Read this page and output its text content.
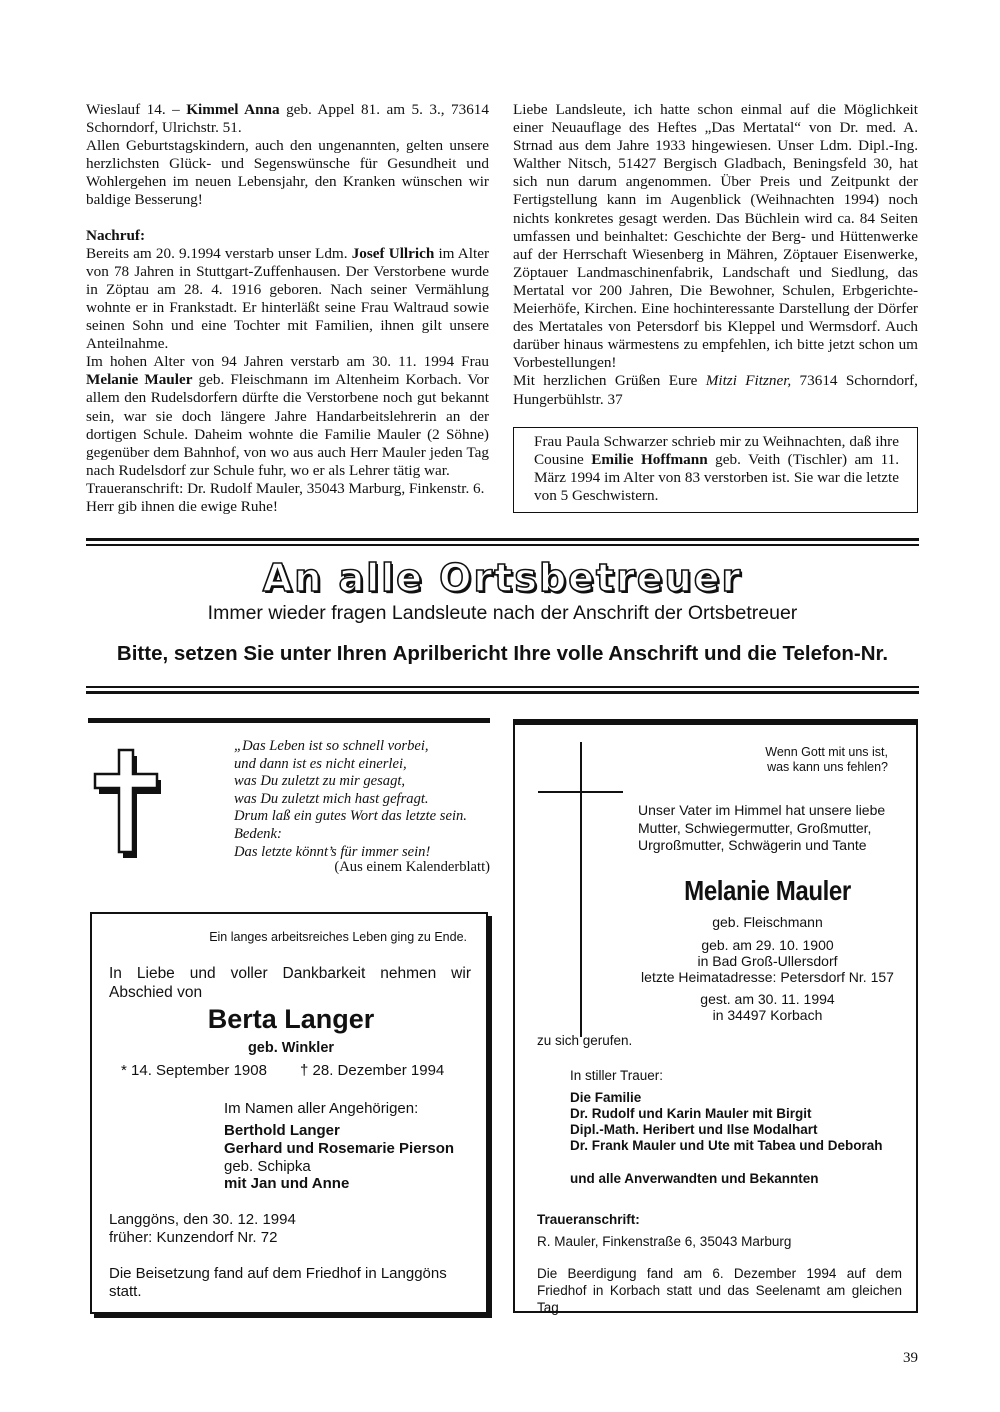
Wieslauf 14. – Kimmel Anna geb. Appel 81. am 5. 3., 73614 Schorndorf, Ulrichstr. 51.

Allen Geburtstagskindern, auch den ungenannten, gelten unsere herzlichsten Glück- und Segenswünsche für Gesundheit und Wohlergehen im neuen Lebensjahr, den Kranken wünschen wir baldige Besserung!

Nachruf:

Bereits am 20. 9.1994 verstarb unser Ldm. Josef Ullrich im Alter von 78 Jahren in Stuttgart-Zuffenhausen. Der Verstorbene wurde in Zöptau am 28. 4. 1916 geboren. Nach seiner Vermählung wohnte er in Frankstadt. Er hinterläßt seine Frau Waltraud sowie seinen Sohn und eine Tochter mit Familien, ihnen gilt unsere Anteilnahme.

Im hohen Alter von 94 Jahren verstarb am 30. 11. 1994 Frau Melanie Mauler geb. Fleischmann im Altenheim Korbach. Vor allem den Rudelsdorfern dürfte die Verstorbene noch gut bekannt sein, war sie doch längere Jahre Handarbeitslehrerin an der dortigen Schule. Daheim wohnte die Familie Mauler (2 Söhne) gegenüber dem Bahnhof, von wo aus auch Herr Mauler jeden Tag nach Rudelsdorf zur Schule fuhr, wo er als Lehrer tätig war.

Traueranschrift: Dr. Rudolf Mauler, 35043 Marburg, Finkenstr. 6.

Herr gib ihnen die ewige Ruhe!

Liebe Landsleute, ich hatte schon einmal auf die Möglichkeit einer Neuauflage des Heftes „Das Mertatal“ von Dr. med. A. Strnad aus dem Jahre 1933 hingewiesen. Unser Ldm. Dipl.-Ing. Walther Nitsch, 51427 Bergisch Gladbach, Beningsfeld 30, hat sich nun darum angenommen. Über Preis und Zeitpunkt der Fertigstellung kann im Augenblick (Weihnachten 1994) noch nichts konkretes gesagt werden. Das Büchlein wird ca. 84 Seiten umfassen und beinhaltet: Geschichte der Berg- und Hüttenwerke auf der Herrschaft Wiesenberg in Mähren, Zöptauer Eisenwerke, Zöptauer Landmaschinenfabrik, Landschaft und Siedlung, das Mertatal vor 200 Jahren, Die Bewohner, Schulen, Erbgerichte-Meierhöfe, Kirchen. Eine hochinteressante Darstellung der Dörfer des Mertatales von Petersdorf bis Kleppel und Wermsdorf. Auch darüber hinaus wärmestens zu empfehlen, ich bitte jetzt schon um Vorbestellungen!

Mit herzlichen Grüßen Eure Mitzi Fitzner, 73614 Schorndorf, Hungerbühlstr. 37

Frau Paula Schwarzer schrieb mir zu Weihnachten, daß ihre Cousine Emilie Hoffmann geb. Veith (Tischler) am 11. März 1994 im Alter von 83 verstorben ist. Sie war die letzte von 5 Geschwistern.
An alle Ortsbetreuer
Immer wieder fragen Landsleute nach der Anschrift der Ortsbetreuer
Bitte, setzen Sie unter Ihren Aprilbericht Ihre volle Anschrift und die Telefon-Nr.
„Das Leben ist so schnell vorbei,
und dann ist es nicht einerlei,
was Du zuletzt zu mir gesagt,
was Du zuletzt mich hast gefragt.
Drum laß ein gutes Wort das letzte sein.
Bedenk:
Das letzte könnt’s für immer sein!
(Aus einem Kalenderblatt)
Ein langes arbeitsreiches Leben ging zu Ende.
In Liebe und voller Dankbarkeit nehmen wir Abschied von
Berta Langer
geb. Winkler
* 14. September 1908 † 28. Dezember 1994
Im Namen aller Angehörigen:
Berthold Langer
Gerhard und Rosemarie Pierson
geb. Schipka
mit Jan und Anne
Langgöns, den 30. 12. 1994
früher: Kunzendorf Nr. 72
Die Beisetzung fand auf dem Friedhof in Langgöns statt.
Wenn Gott mit uns ist,
was kann uns fehlen?
Unser Vater im Himmel hat unsere liebe Mutter, Schwiegermutter, Großmutter, Urgroßmutter, Schwägerin und Tante
Melanie Mauler
geb. Fleischmann
geb. am 29. 10. 1900
in Bad Groß-Ullersdorf
letzte Heimatadresse: Petersdorf Nr. 157
gest. am 30. 11. 1994
in 34497 Korbach
zu sich gerufen.
In stiller Trauer:
Die Familie
Dr. Rudolf und Karin Mauler mit Birgit
Dipl.-Math. Heribert und Ilse Modalhart
Dr. Frank Mauler und Ute mit Tabea und Deborah
und alle Anverwandten und Bekannten
Traueranschrift:
R. Mauler, Finkenstraße 6, 35043 Marburg
Die Beerdigung fand am 6. Dezember 1994 auf dem Friedhof in Korbach statt und das Seelenamt am gleichen Tag
39
